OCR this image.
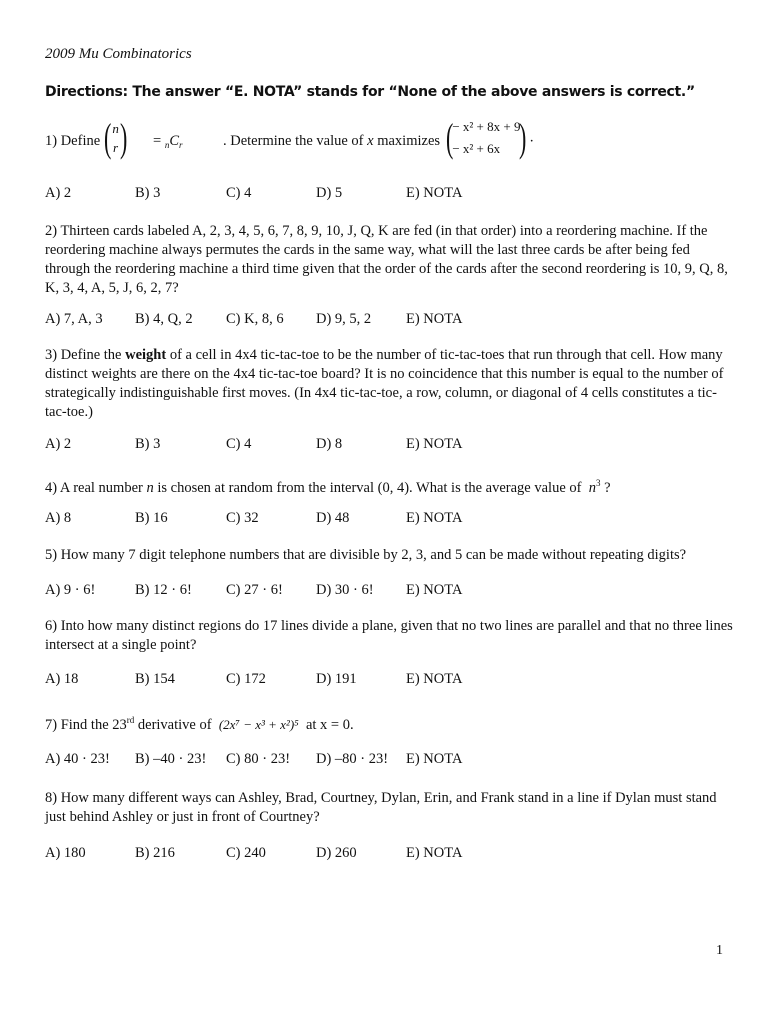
2009 Mu Combinatorics
Directions: The answer “E. NOTA” stands for “None of the above answers is correct.”
1) Define (n
$r) = _nC_r$	. Determine the value of x maximizes (− x² + 8x + 9
− x² + 6x ) .
A) 2	B) 3	C) 4	D) 5	E) NOTA
2) Thirteen cards labeled A, 2, 3, 4, 5, 6, 7, 8, 9, 10, J, Q, K are fed (in that order) into a reordering machine. If the reordering machine always permutes the cards in the same way, what will the last three cards be after being fed through the reordering machine a third time given that the order of the cards after the second reordering is 10, 9, Q, 8, K, 3, 4, A, 5, J, 6, 2, 7?
A) 7, A, 3 B) 4, Q, 2 C) K, 8, 6 D) 9, 5, 2 E) NOTA
3) Define the weight of a cell in 4x4 tic-tac-toe to be the number of tic-tac-toes that run through that cell. How many distinct weights are there on the 4x4 tic-tac-toe board? It is no coincidence that this number is equal to the number of strategically indistinguishable first moves. (In 4x4 tic-tac-toe, a row, column, or diagonal of 4 cells constitutes a tic-tac-toe.)
A) 2	B) 3	C) 4	D) 8	E) NOTA
4) A real number n is chosen at random from the interval (0, 4). What is the average value of $n^3$ ?
A) 8	B) 16	C) 32	D) 48	E) NOTA
5) How many 7 digit telephone numbers that are divisible by 2, 3, and 5 can be made without repeating digits?
A) 9 · 6!	B) 12 · 6! C) 27 · 6! D) 30 · 6! E) NOTA
6) Into how many distinct regions do 17 lines divide a plane, given that no two lines are parallel and that no three lines intersect at a single point?
A) 18	B) 154	C) 172	D) 191	E) NOTA
7) Find the 23rd derivative of (2x⁷ − x³ + x²)⁵ at x = 0.
A) 40 · 23! B) –40 · 23! C) 80 · 23! D) –80 · 23! E) NOTA
8) How many different ways can Ashley, Brad, Courtney, Dylan, Erin, and Frank stand in a line if Dylan must stand just behind Ashley or just in front of Courtney?
A) 180	B) 216	C) 240	D) 260	E) NOTA
1
